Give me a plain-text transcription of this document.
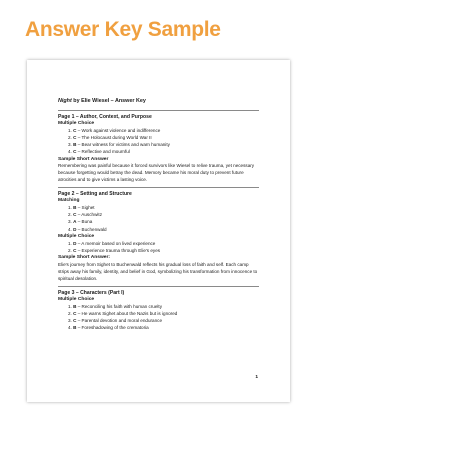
Answer Key Sample
Night by Elie Wiesel – Answer Key
Page 1 – Author, Context, and Purpose
Multiple Choice
1. C – Work against violence and indifference
2. C – The Holocaust during World War II
3. B – Bear witness for victims and warn humanity
4. C – Reflective and mournful
Sample Short Answer
Remembering was painful because it forced survivors like Wiesel to relive trauma, yet necessary because forgetting would betray the dead. Memory became his moral duty to prevent future atrocities and to give victims a lasting voice.
Page 2 – Setting and Structure
Matching
1. B – Sighet
2. C – Auschwitz
3. A – Buna
4. D – Buchenwald
Multiple Choice
1. D – A memoir based on lived experience
2. C – Experience trauma through Elie's eyes
Sample Short Answer:
Elie's journey from Sighet to Buchenwald reflects his gradual loss of faith and self. Each camp strips away his family, identity, and belief in God, symbolizing his transformation from innocence to spiritual desolation.
Page 3 – Characters (Part I)
Multiple Choice
1. B – Reconciling his faith with human cruelty
2. C – He warns Sighet about the Nazis but is ignored
3. C – Parental devotion and moral endurance
4. B – Foreshadowing of the crematoria
1
